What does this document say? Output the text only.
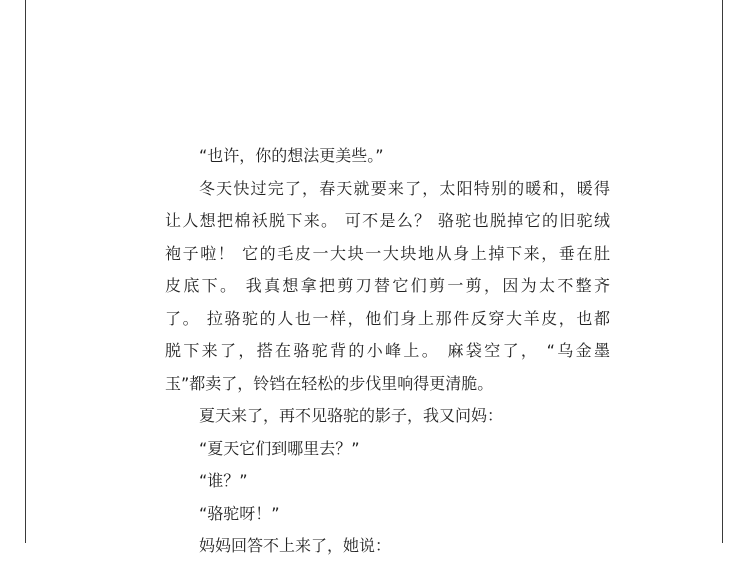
“也许，你的想法更美些。”
冬天快过完了，春天就要来了，太阳特别的暖和，暖得
让人想把棉袄脱下来。 可不是么？ 骆驼也脱掉它的旧驼绒
袍子啦！ 它的毛皮一大块一大块地从身上掉下来，垂在肚
皮底下。 我真想拿把剪刀替它们剪一剪，因为太不整齐
了。 拉骆驼的人也一样，他们身上那件反穿大羊皮，也都
脱下来了，搭在骆驼背的小峰上。 麻袋空了， “乌金墨
玉”都卖了，铃铛在轻松的步伐里响得更清脆。
夏天来了，再不见骆驼的影子，我又问妈：
“夏天它们到哪里去？”
“谁？”
“骆驼呀！”
妈妈回答不上来了，她说：
